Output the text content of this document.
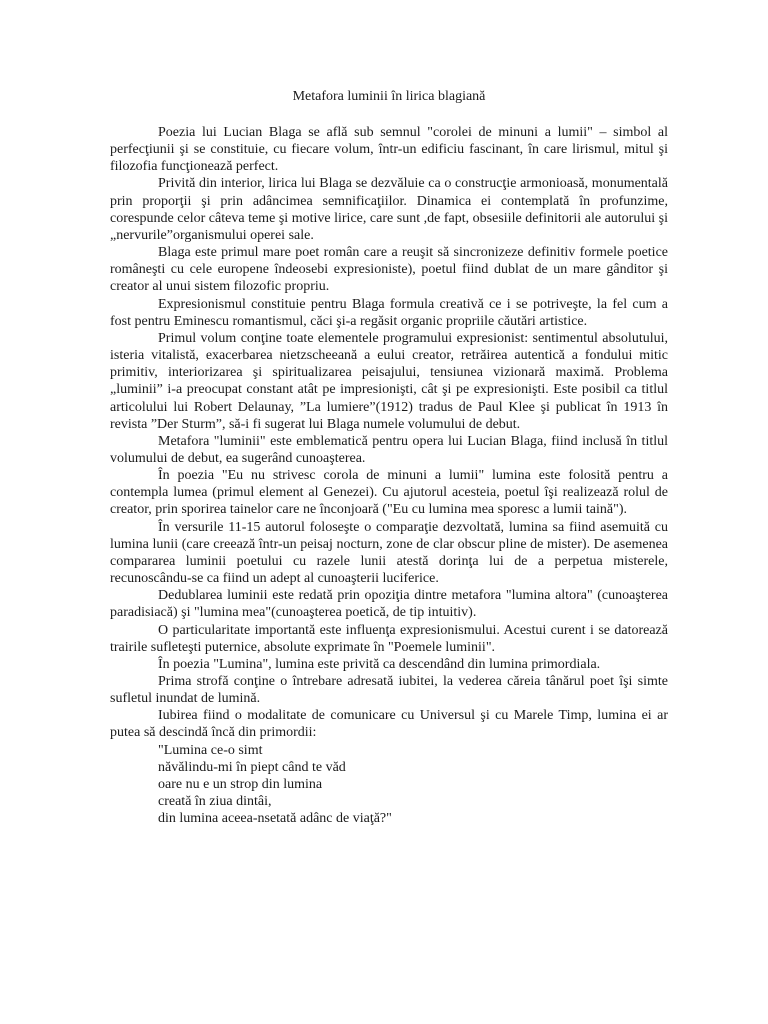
Metafora luminii în lirica blagiană

Poezia lui Lucian Blaga se află sub semnul "corolei de minuni a lumii" – simbol al perfecţiunii şi se constituie, cu fiecare volum, într-un edificiu fascinant, în care lirismul, mitul şi filozofia funcţionează perfect.

Privită din interior, lirica lui Blaga se dezvăluie ca o construcţie armonioasă, monumentală prin proporţii şi prin adâncimea semnificaţiilor. Dinamica ei contemplată în profunzime, corespunde celor câteva teme şi motive lirice, care sunt ,de fapt, obsesiile definitorii ale autorului şi „nervurile”organismului operei sale.

Blaga este primul mare poet român care a reuşit să sincronizeze definitiv formele poetice româneşti cu cele europene îndeosebi expresioniste), poetul fiind dublat de un mare gânditor şi creator al unui sistem filozofic propriu.

Expresionismul constituie pentru Blaga formula creativă ce i se potriveşte, la fel cum a fost pentru Eminescu romantismul, căci şi-a regăsit organic propriile căutări artistice.

Primul volum conţine toate elementele programului expresionist: sentimentul absolutului, isteria vitalistă, exacerbarea nietzscheeană a eului creator, retrăirea autentică a fondului mitic primitiv, interiorizarea şi spiritualizarea peisajului, tensiunea vizionară maximă. Problema „luminii” i-a preocupat constant atât pe impresionişti, cât şi pe expresionişti. Este posibil ca titlul articolului lui Robert Delaunay, ”La lumiere”(1912) tradus de Paul Klee şi publicat în 1913 în revista ”Der Sturm”, să-i fi sugerat lui Blaga numele volumului de debut.

Metafora "luminii" este emblematică pentru opera lui Lucian Blaga, fiind inclusă în titlul volumului de debut, ea sugerând cunoaşterea.

În poezia "Eu nu strivesc corola de minuni a lumii" lumina este folosită pentru a contempla lumea (primul element al Genezei). Cu ajutorul acesteia, poetul îşi realizează rolul de creator, prin sporirea tainelor care ne înconjoară ("Eu cu lumina mea sporesc a lumii taină").

În versurile 11-15 autorul foloseşte o comparaţie dezvoltată, lumina sa fiind asemuită cu lumina lunii (care creează într-un peisaj nocturn, zone de clar obscur pline de mister). De asemenea compararea luminii poetului cu razele lunii atestă dorinţa lui de a perpetua misterele, recunoscându-se ca fiind un adept al cunoaşterii luciferice.

Dedublarea luminii este redată prin opoziţia dintre metafora "lumina altora" (cunoaşterea paradisiacă) şi "lumina mea"(cunoaşterea poetică, de tip intuitiv).

O particularitate importantă este influenţa expresionismului. Acestui curent i se datorează trairile sufleteşti puternice, absolute exprimate în "Poemele luminii".

În poezia "Lumina", lumina este privită ca descendând din lumina primordiala.

Prima strofă conţine o întrebare adresată iubitei, la vederea căreia tânărul poet îşi simte sufletul inundat de lumină.

Iubirea fiind o modalitate de comunicare cu Universul şi cu Marele Timp, lumina ei ar putea să descindă încă din primordii:

"Lumina ce-o simt
năvălindu-mi în piept când te văd
oare nu e un strop din lumina
creată în ziua dintâi,
din lumina aceea-nsetată adânc de viaţă?"
